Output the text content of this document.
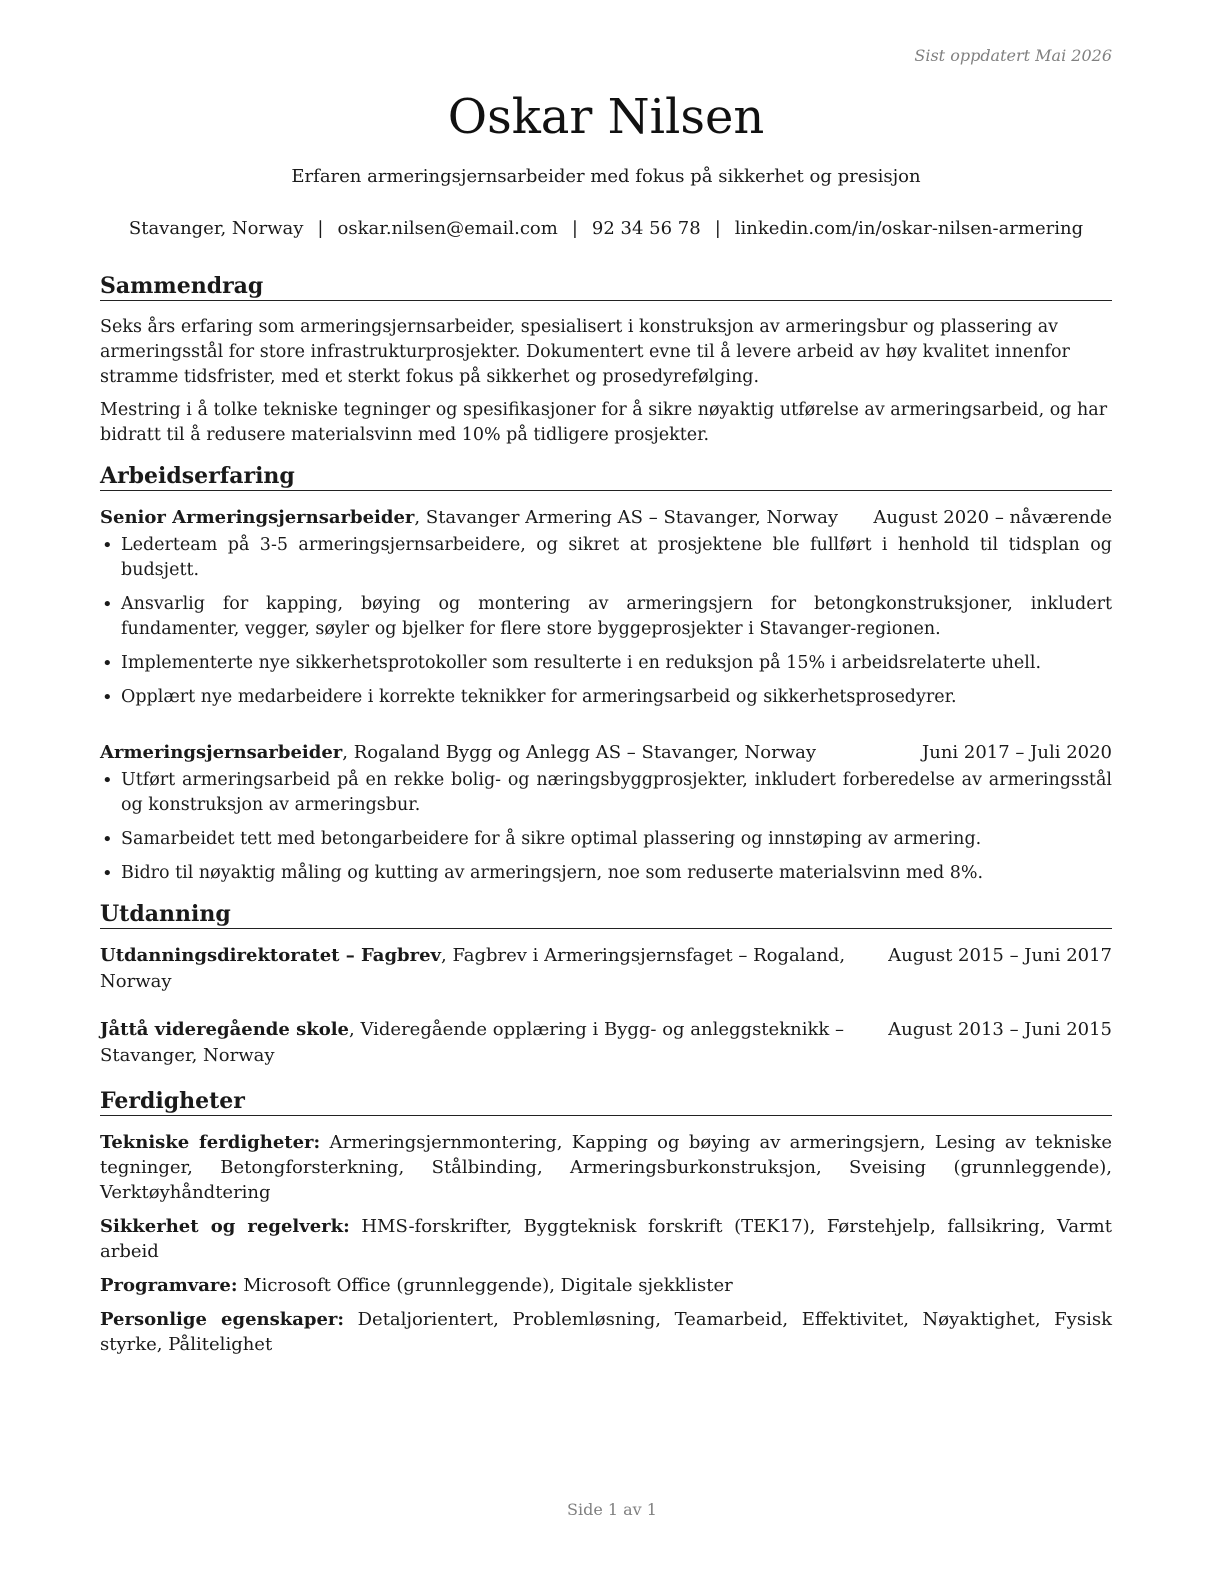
Sist oppdatert Mai 2026
Oskar Nilsen
Erfaren armeringsjernsarbeider med fokus på sikkerhet og presisjon
Stavanger, Norway | oskar.nilsen@email.com | 92 34 56 78 | linkedin.com/in/oskar-nilsen-armering
Sammendrag

Seks års erfaring som armeringsjernsarbeider, spesialisert i konstruksjon av armeringsbur og plassering av armeringsstål for store infrastrukturprosjekter. Dokumentert evne til å levere arbeid av høy kvalitet innenfor stramme tidsfrister, med et sterkt fokus på sikkerhet og prosedyrefølging.

Mestring i å tolke tekniske tegninger og spesifikasjoner for å sikre nøyaktig utførelse av armeringsarbeid, og har bidratt til å redusere materialsvinn med 10% på tidligere prosjekter.

Arbeidserfaring
Senior Armeringsjernsarbeider, Stavanger Armering AS – Stavanger, Norway August 2020 – nåværende
• Lederteam på 3-5 armeringsjernsarbeidere, og sikret at prosjektene ble fullført i henhold til tidsplan og budsjett.
• Ansvarlig for kapping, bøying og montering av armeringsjern for betongkonstruksjoner, inkludert fundamenter, vegger, søyler og bjelker for flere store byggeprosjekter i Stavanger-regionen.
• Implementerte nye sikkerhetsprotokoller som resulterte i en reduksjon på 15% i arbeidsrelaterte uhell.
• Opplært nye medarbeidere i korrekte teknikker for armeringsarbeid og sikkerhetsprosedyrer.
Armeringsjernsarbeider, Rogaland Bygg og Anlegg AS – Stavanger, Norway	Juni 2017 – Juli 2020
• Utført armeringsarbeid på en rekke bolig- og næringsbyggprosjekter, inkludert forberedelse av armeringsstål og konstruksjon av armeringsbur.
• Samarbeidet tett med betongarbeidere for å sikre optimal plassering og innstøping av armering.
• Bidro til nøyaktig måling og kutting av armeringsjern, noe som reduserte materialsvinn med 8%.
Utdanning
Utdanningsdirektoratet – Fagbrev, Fagbrev i Armeringsjernsfaget – Rogaland, Norway
August 2015 – Juni 2017
Jåttå videregående skole, Videregående opplæring i Bygg- og anleggsteknikk – Stavanger, Norway
August 2013 – Juni 2015
Ferdigheter
Tekniske ferdigheter: Armeringsjernmontering, Kapping og bøying av armeringsjern, Lesing av tekniske tegninger, Betongforsterkning, Stålbinding, Armeringsburkonstruksjon, Sveising (grunnleggende), Verktøyhåndtering
Sikkerhet og regelverk: HMS-forskrifter, Byggteknisk forskrift (TEK17), Førstehjelp, fallsikring, Varmt arbeid
Programvare: Microsoft Office (grunnleggende), Digitale sjekklister
Personlige egenskaper: Detaljorientert, Problemløsning, Teamarbeid, Effektivitet, Nøyaktighet, Fysisk styrke, Pålitelighet
Side 1 av 1
